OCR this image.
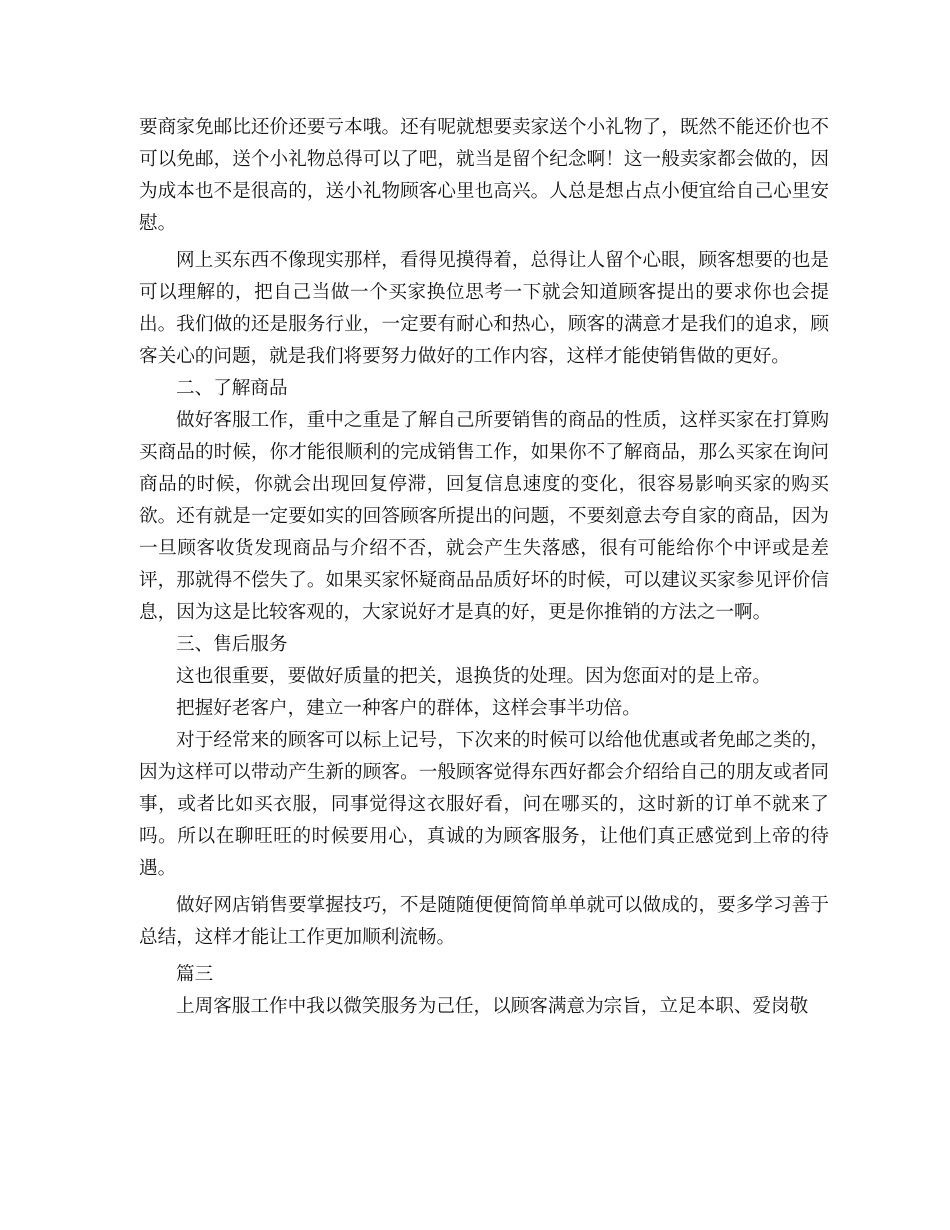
要商家免邮比还价还要亏本哦。还有呢就想要卖家送个小礼物了，既然不能还价也不可以免邮，送个小礼物总得可以了吧，就当是留个纪念啊！这一般卖家都会做的，因为成本也不是很高的，送小礼物顾客心里也高兴。人总是想占点小便宜给自己心里安慰。

网上买东西不像现实那样，看得见摸得着，总得让人留个心眼，顾客想要的也是可以理解的，把自己当做一个买家换位思考一下就会知道顾客提出的要求你也会提出。我们做的还是服务行业，一定要有耐心和热心，顾客的满意才是我们的追求，顾客关心的问题，就是我们将要努力做好的工作内容，这样才能使销售做的更好。

二、了解商品

做好客服工作，重中之重是了解自己所要销售的商品的性质，这样买家在打算购买商品的时候，你才能很顺利的完成销售工作，如果你不了解商品，那么买家在询问商品的时候，你就会出现回复停滞，回复信息速度的变化，很容易影响买家的购买欲。还有就是一定要如实的回答顾客所提出的问题，不要刻意去夸自家的商品，因为一旦顾客收货发现商品与介绍不否，就会产生失落感，很有可能给你个中评或是差评，那就得不偿失了。如果买家怀疑商品品质好坏的时候，可以建议买家参见评价信息，因为这是比较客观的，大家说好才是真的好，更是你推销的方法之一啊。

三、售后服务

这也很重要，要做好质量的把关，退换货的处理。因为您面对的是上帝。

把握好老客户，建立一种客户的群体，这样会事半功倍。

对于经常来的顾客可以标上记号，下次来的时候可以给他优惠或者免邮之类的，因为这样可以带动产生新的顾客。一般顾客觉得东西好都会介绍给自己的朋友或者同事，或者比如买衣服，同事觉得这衣服好看，问在哪买的，这时新的订单不就来了吗。所以在聊旺旺的时候要用心，真诚的为顾客服务，让他们真正感觉到上帝的待遇。

做好网店销售要掌握技巧，不是随随便便简简单单就可以做成的，要多学习善于总结，这样才能让工作更加顺利流畅。

篇三

上周客服工作中我以微笑服务为己任，以顾客满意为宗旨，立足本职、爱岗敬
